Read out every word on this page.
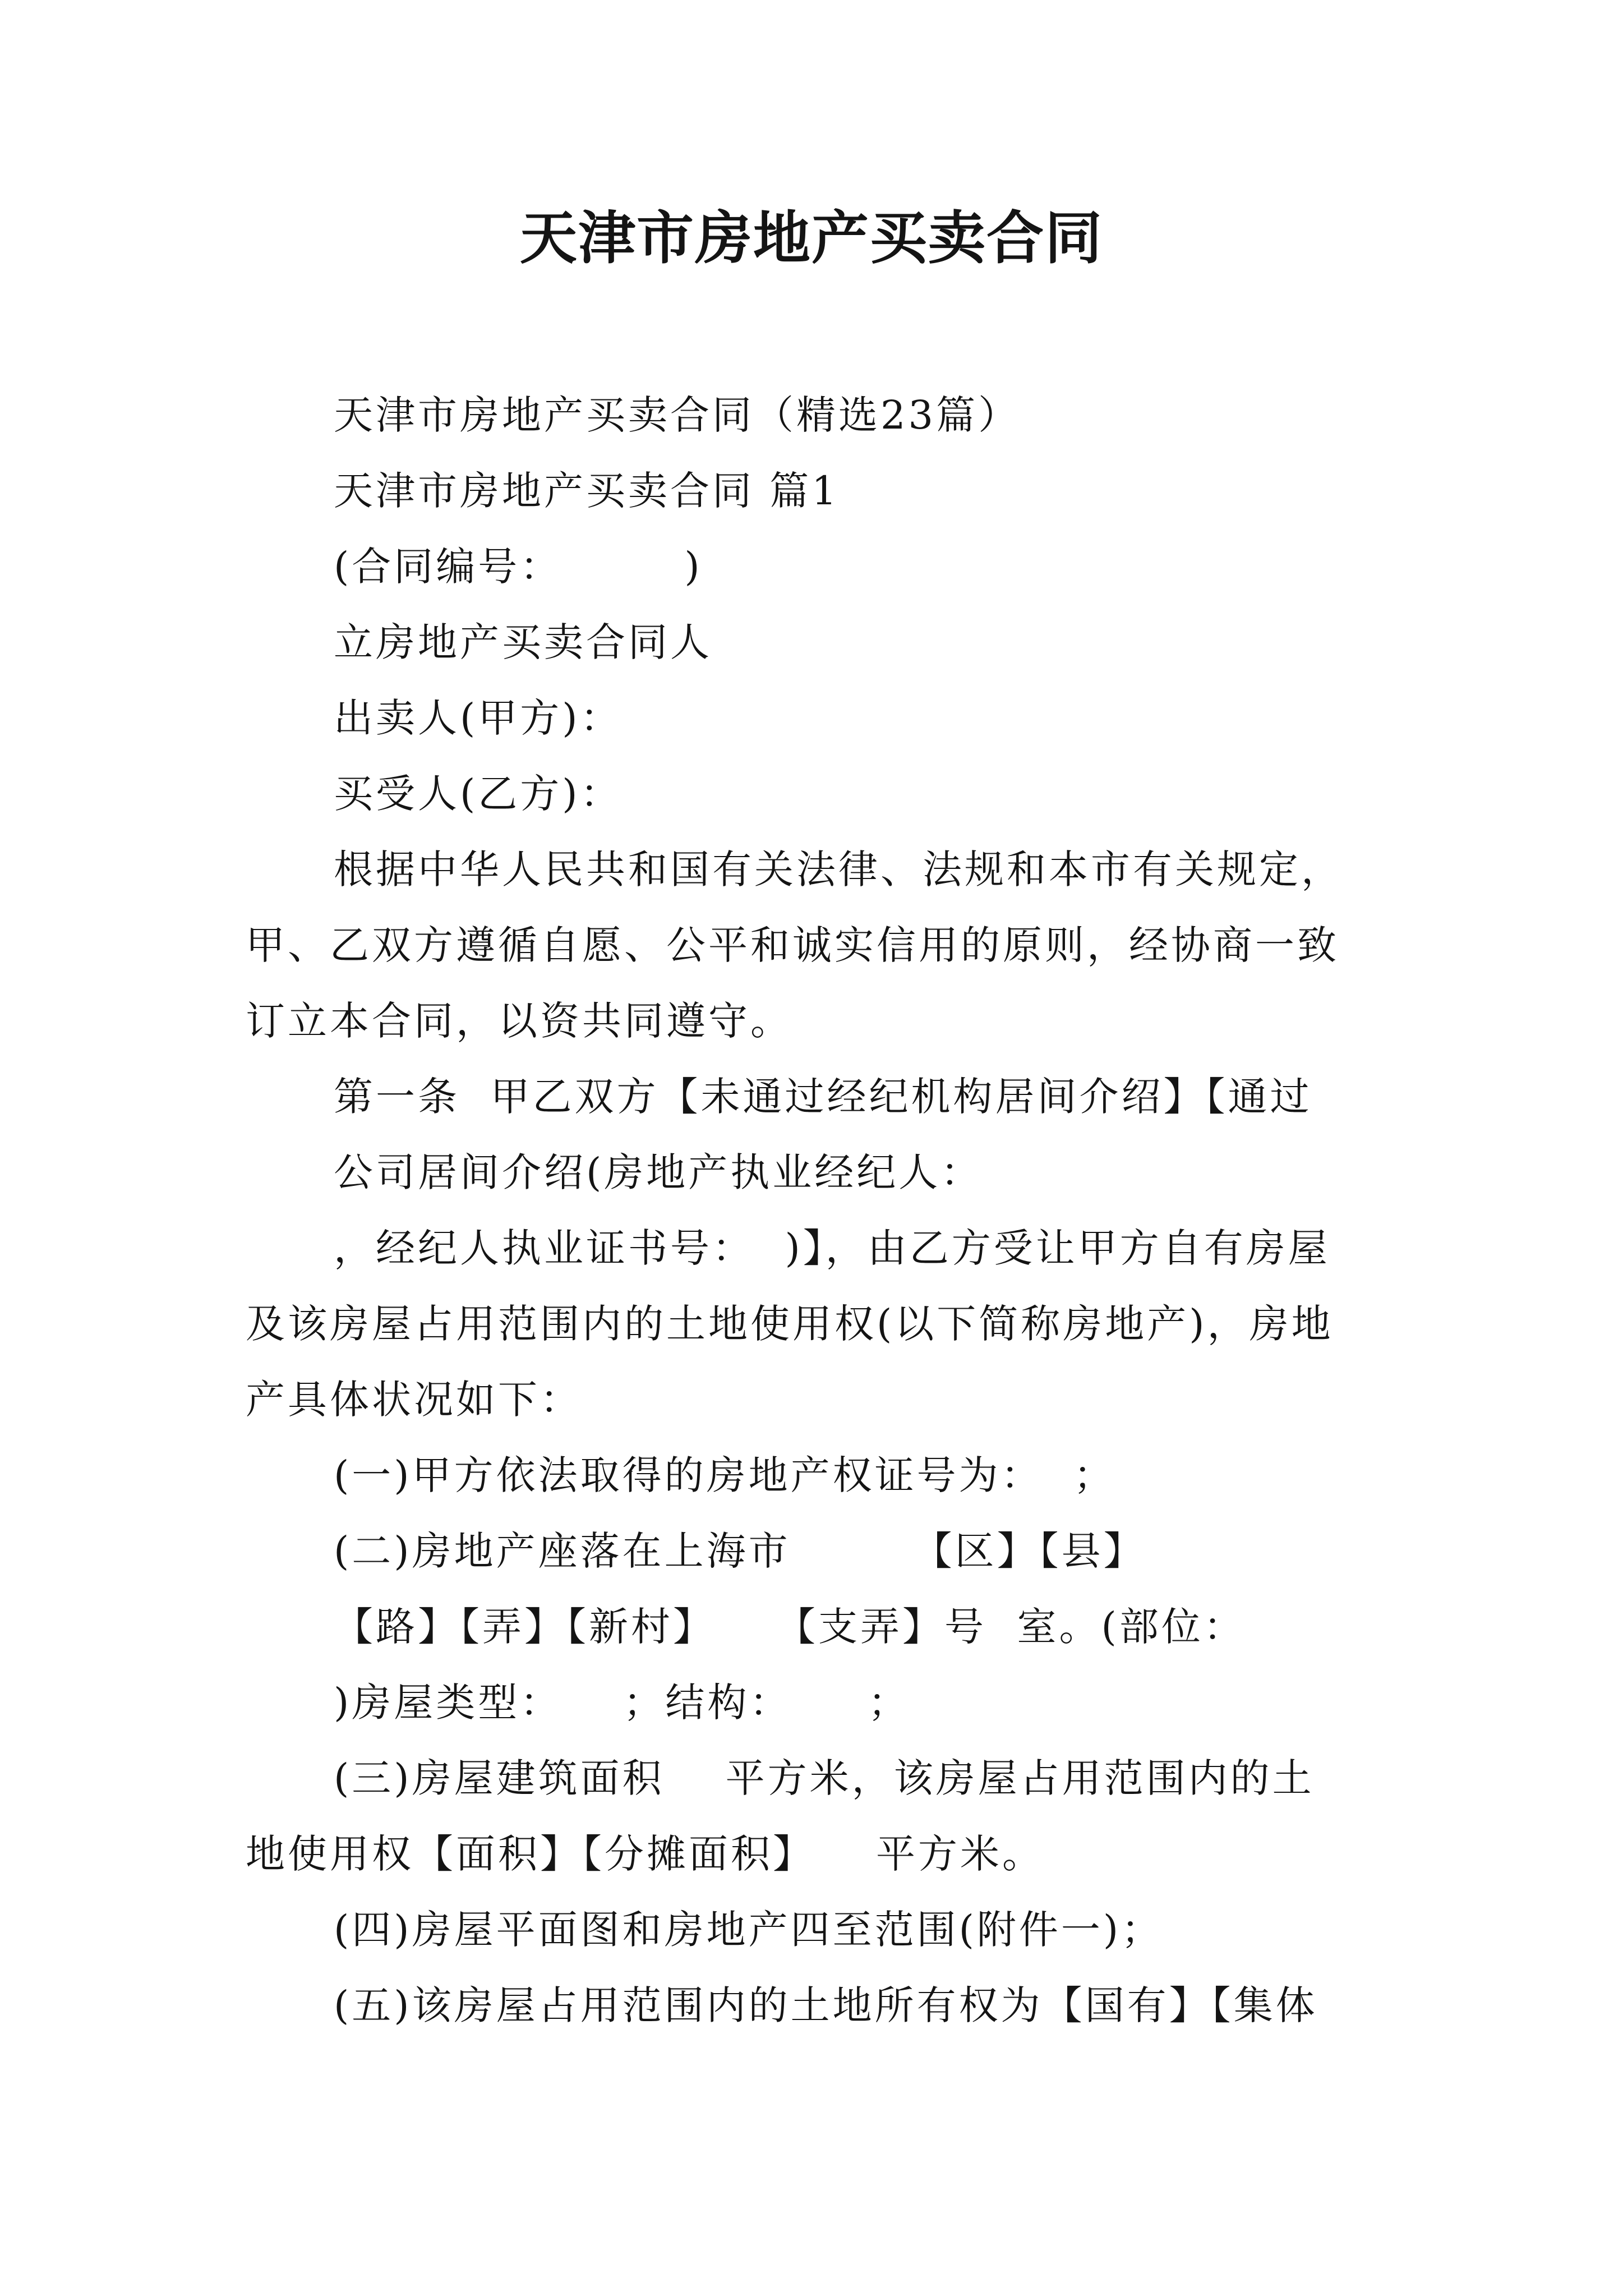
天津市房地产买卖合同
天津市房地产买卖合同（精选23篇）
天津市房地产买卖合同 篇1
(合同编号：        )
立房地产买卖合同人
出卖人(甲方)：
买受人(乙方)：
根据中华人民共和国有关法律、法规和本市有关规定，
甲、乙双方遵循自愿、公平和诚实信用的原则，经协商一致
订立本合同，以资共同遵守。
第一条  甲乙双方【未通过经纪机构居间介绍】【通过
公司居间介绍(房地产执业经纪人：
，经纪人执业证书号：  )】，由乙方受让甲方自有房屋
及该房屋占用范围内的土地使用权(以下简称房地产)，房地
产具体状况如下：
(一)甲方依法取得的房地产权证号为：  ；
(二)房地产座落在上海市        【区】【县】
【路】【弄】【新村】    【支弄】号  室。(部位：
)房屋类型：    ；结构：     ；
(三)房屋建筑面积    平方米，该房屋占用范围内的土
地使用权【面积】【分摊面积】    平方米。
(四)房屋平面图和房地产四至范围(附件一)；
(五)该房屋占用范围内的土地所有权为【国有】【集体
